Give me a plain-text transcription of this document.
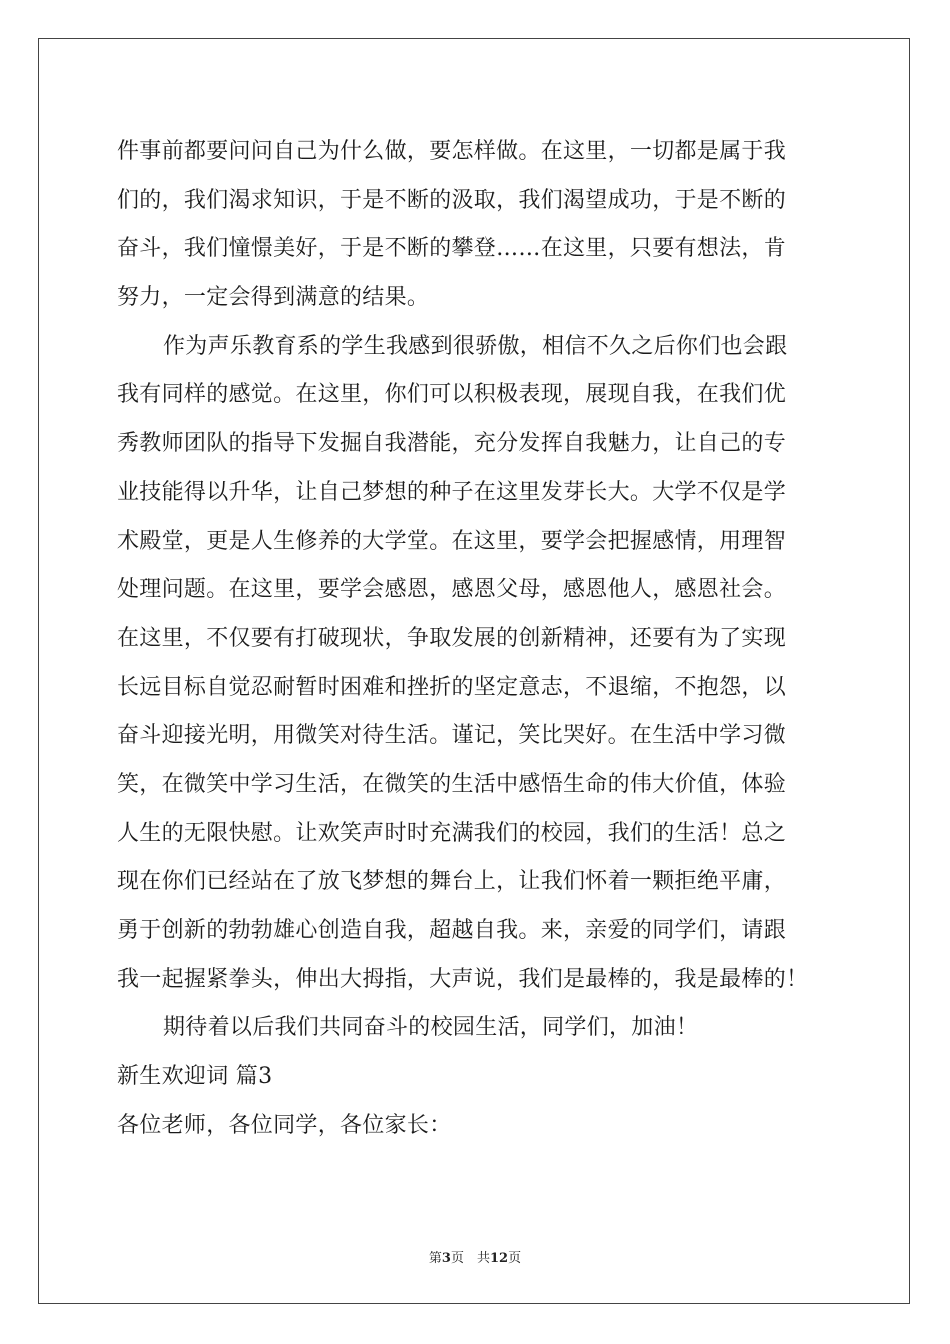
件事前都要问问自己为什么做，要怎样做。在这里，一切都是属于我
们的，我们渴求知识，于是不断的汲取，我们渴望成功，于是不断的
奋斗，我们憧憬美好，于是不断的攀登……在这里，只要有想法，肯
努力，一定会得到满意的结果。
作为声乐教育系的学生我感到很骄傲，相信不久之后你们也会跟
我有同样的感觉。在这里，你们可以积极表现，展现自我，在我们优
秀教师团队的指导下发掘自我潜能，充分发挥自我魅力，让自己的专
业技能得以升华，让自己梦想的种子在这里发芽长大。大学不仅是学
术殿堂，更是人生修养的大学堂。在这里，要学会把握感情，用理智
处理问题。在这里，要学会感恩，感恩父母，感恩他人，感恩社会。
在这里，不仅要有打破现状，争取发展的创新精神，还要有为了实现
长远目标自觉忍耐暂时困难和挫折的坚定意志，不退缩，不抱怨，以
奋斗迎接光明，用微笑对待生活。谨记，笑比哭好。在生活中学习微
笑，在微笑中学习生活，在微笑的生活中感悟生命的伟大价值，体验
人生的无限快慰。让欢笑声时时充满我们的校园，我们的生活！总之
现在你们已经站在了放飞梦想的舞台上，让我们怀着一颗拒绝平庸，
勇于创新的勃勃雄心创造自我，超越自我。来，亲爱的同学们，请跟
我一起握紧拳头，伸出大拇指，大声说，我们是最棒的，我是最棒的！
期待着以后我们共同奋斗的校园生活，同学们，加油！
新生欢迎词 篇3
各位老师，各位同学，各位家长：
第3页　共12页
